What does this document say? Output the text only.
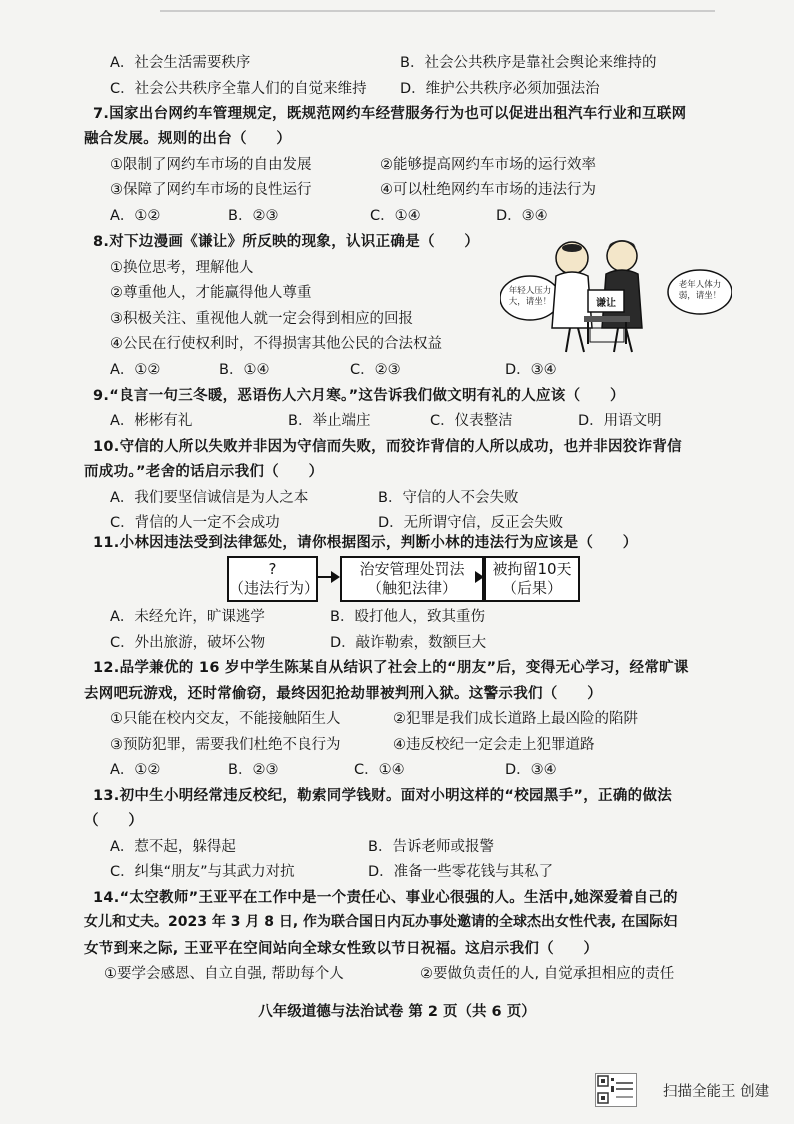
A．社会生活需要秩序	B．社会公共秩序是靠社会舆论来维持的
C．社会公共秩序全靠人们的自觉来维持 D．维护公共秩序必须加强法治
7.国家出台网约车管理规定，既规范网约车经营服务行为也可以促进出租汽车行业和互联网
融合发展。规则的出台（　　）
①限制了网约车市场的自由发展	②能够提高网约车市场的运行效率
③保障了网约车市场的良性运行	④可以杜绝网约车市场的违法行为
A．①②	B．②③	C．①④	D．③④
8.对下边漫画《谦让》所反映的现象，认识正确是（　　）
①换位思考，理解他人
②尊重他人，才能赢得他人尊重
③积极关注、重视他人就一定会得到相应的回报
④公民在行使权利时，不得损害其他公民的合法权益
A．①②	B．①④	C．②③	D．③④
年轻人压力大，请坐！
老年人体力弱，请坐！
谦让
9.“良言一句三冬暖，恶语伤人六月寒。”这告诉我们做文明有礼的人应该（　　）
A．彬彬有礼	B．举止端庄	C．仪表整洁	D．用语文明
10.守信的人所以失败并非因为守信而失败，而狡诈背信的人所以成功，也并非因狡诈背信
而成功。”老舍的话启示我们（　　）
A．我们要坚信诚信是为人之本	B．守信的人不会失败
C．背信的人一定不会成功	D．无所谓守信，反正会失败
11.小林因违法受到法律惩处，请你根据图示，判断小林的违法行为应该是（　　）
?
（违法行为）
治安管理处罚法
（触犯法律）
被拘留10天
（后果）
A．未经允许，旷课逃学	B．殴打他人，致其重伤
C．外出旅游，破坏公物	D．敲诈勒索，数额巨大
12.品学兼优的 16 岁中学生陈某自从结识了社会上的“朋友”后，变得无心学习，经常旷课
去网吧玩游戏，还时常偷窃，最终因犯抢劫罪被判刑入狱。这警示我们（　　）
①只能在校内交友，不能接触陌生人	②犯罪是我们成长道路上最凶险的陷阱
③预防犯罪，需要我们杜绝不良行为	④违反校纪一定会走上犯罪道路
A．①②	B．②③	C．①④	D．③④
13.初中生小明经常违反校纪，勒索同学钱财。面对小明这样的“校园黑手”，正确的做法
（　　）
A．惹不起，躲得起	B．告诉老师或报警
C．纠集“朋友”与其武力对抗	D．准备一些零花钱与其私了
14.“太空教师”王亚平在工作中是一个责任心、事业心很强的人。生活中,她深爱着自己的
女儿和丈夫。2023 年 3 月 8 日, 作为联合国日内瓦办事处邀请的全球杰出女性代表, 在国际妇
女节到来之际, 王亚平在空间站向全球女性致以节日祝福。这启示我们（　　）
①要学会感恩、自立自强, 帮助每个人	②要做负责任的人, 自觉承担相应的责任
八年级道德与法治试卷 第 2 页（共 6 页）
扫描全能王 创建
